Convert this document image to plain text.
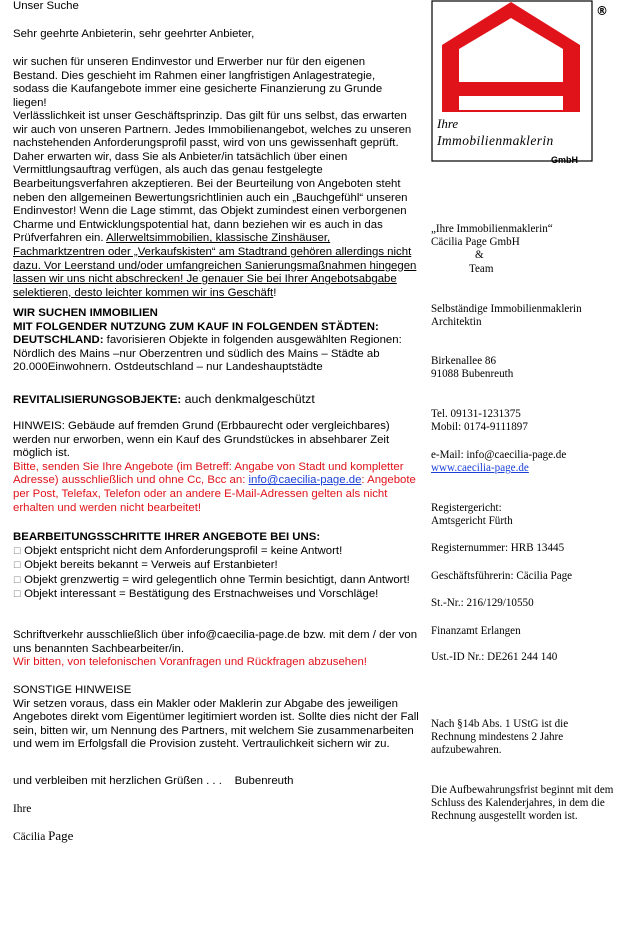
Unser Suche

Sehr geehrte Anbieterin, sehr geehrter Anbieter,

wir suchen für unseren Endinvestor und Erwerber nur für den eigenen Bestand. Dies geschieht im Rahmen einer langfristigen Anlagestrategie, sodass die Kaufangebote immer eine gesicherte Finanzierung zu Grunde liegen!

Verlässlichkeit ist unser Geschäftsprinzip. Das gilt für uns selbst, das erwarten wir auch von unseren Partnern. Jedes Immobilienangebot, welches zu unseren nachstehenden Anforderungsprofil passt, wird von uns gewissenhaft geprüft. Daher erwarten wir, dass Sie als Anbieter/in tatsächlich über einen Vermittlungsauftrag verfügen, als auch das genau festgelegte Bearbeitungsverfahren akzeptieren. Bei der Beurteilung von Angeboten steht neben den allgemeinen Bewertungsrichtlinien auch ein „Bauchgefühl“ unseren Endinvestor! Wenn die Lage stimmt, das Objekt zumindest einen verborgenen Charme und Entwicklungspotential hat, dann beziehen wir es auch in das Prüfverfahren ein. Allerweltsimmobilien, klassische Zinshäuser, Fachmarktzentren oder „Verkaufskisten“ am Stadtrand gehören allerdings nicht dazu. Vor Leerstand und/oder umfangreichen Sanierungsmaßnahmen hingegen lassen wir uns nicht abschrecken! Je genauer Sie bei Ihrer Angebotsabgabe selektieren, desto leichter kommen wir ins Geschäft!

WIR SUCHEN IMMOBILIEN

MIT FOLGENDER NUTZUNG ZUM KAUF IN FOLGENDEN STÄDTEN:

DEUTSCHLAND: favorisieren Objekte in folgenden ausgewählten Regionen: Nördlich des Mains –nur Oberzentren und südlich des Mains – Städte ab 20.000Einwohnern. Ostdeutschland – nur Landeshauptstädte

REVITALISIERUNGSOBJEKTE: auch denkmalgeschützt

HINWEIS: Gebäude auf fremden Grund (Erbbaurecht oder vergleichbares) werden nur erworben, wenn ein Kauf des Grundstückes in absehbarer Zeit möglich ist.

Bitte, senden Sie Ihre Angebote (im Betreff: Angabe von Stadt und kompletter Adresse) ausschließlich und ohne Cc, Bcc an: info@caecilia-page.de: Angebote per Post, Telefax, Telefon oder an andere E-Mail-Adressen gelten als nicht erhalten und werden nicht bearbeitet!

BEARBEITUNGSSCHRITTE IHRER ANGEBOTE BEI UNS:

☐ Objekt entspricht nicht dem Anforderungsprofil = keine Antwort!

☐ Objekt bereits bekannt = Verweis auf Erstanbieter!

☐ Objekt grenzwertig = wird gelegentlich ohne Termin besichtigt, dann Antwort!

☐ Objekt interessant = Bestätigung des Erstnachweises und Vorschläge!

Schriftverkehr ausschließlich über info@caecilia-page.de bzw. mit dem / der von uns benannten Sachbearbeiter/in.

Wir bitten, von telefonischen Voranfragen und Rückfragen abzusehen!

SONSTIGE HINWEISE

Wir setzen voraus, dass ein Makler oder Maklerin zur Abgabe des jeweiligen Angebotes direkt vom Eigentümer legitimiert worden ist. Sollte dies nicht der Fall sein, bitten wir, um Nennung des Partners, mit welchem Sie zusammenarbeiten und wem im Erfolgsfall die Provision zusteht. Vertraulichkeit sichern wir zu.

und verbleiben mit herzlichen Grüßen . . .    Bubenreuth

Ihre

Cäcilia Page

Ihre
Immobilienmaklerin
GmbH
®
„Ihre Immobilienmaklerin“
Cäcilia Page GmbH
&
Team
Selbständige Immobilienmaklerin
Architektin
Birkenallee 86
91088 Bubenreuth
Tel. 09131-1231375
Mobil: 0174-9111897
e-Mail: info@caecilia-page.de
www.caecilia-page.de
Registergericht:
Amtsgericht Fürth
Registernummer: HRB 13445
Geschäftsführerin: Cäcilia Page
St.-Nr.: 216/129/10550
Finanzamt Erlangen
Ust.-ID Nr.: DE261 244 140
Nach §14b Abs. 1 UStG ist die Rechnung mindestens 2 Jahre aufzubewahren.
Die Aufbewahrungsfrist beginnt mit dem Schluss des Kalenderjahres, in dem die Rechnung ausgestellt worden ist.
